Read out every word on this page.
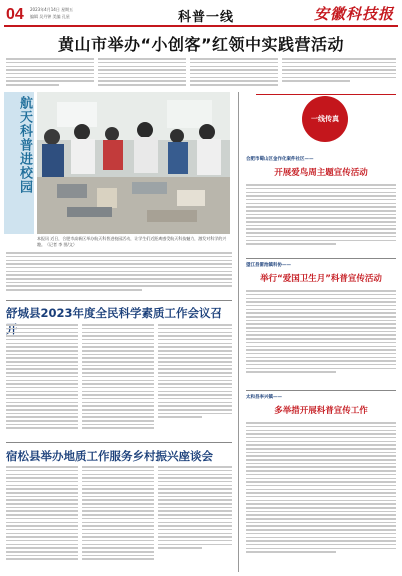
04 2023年4月14日 星期五
编辑 吴丹钟 美编 孔星	科普一线	安徽科技报
黄山市举办“小创客”红领中实践营活动
航天科普进校园
本报讯 近日，合肥市高新区举办航天科普进校园活动，让学生们近距离感受航天科技魅力，激发对科学的兴趣。（记者 李 图/文）
舒城县2023年度全民科学素质工作会议召
宿松县举办地质工作服务乡村振兴座谈会
一线传真
合肥市蜀山区金作化案件社区——
开展爱鸟周主题宣传活动
望江县雷池镇科协——
举行“爱国卫生月”科普宣传活动
太和县李兴镇——
多举措开展科普宣传工作
